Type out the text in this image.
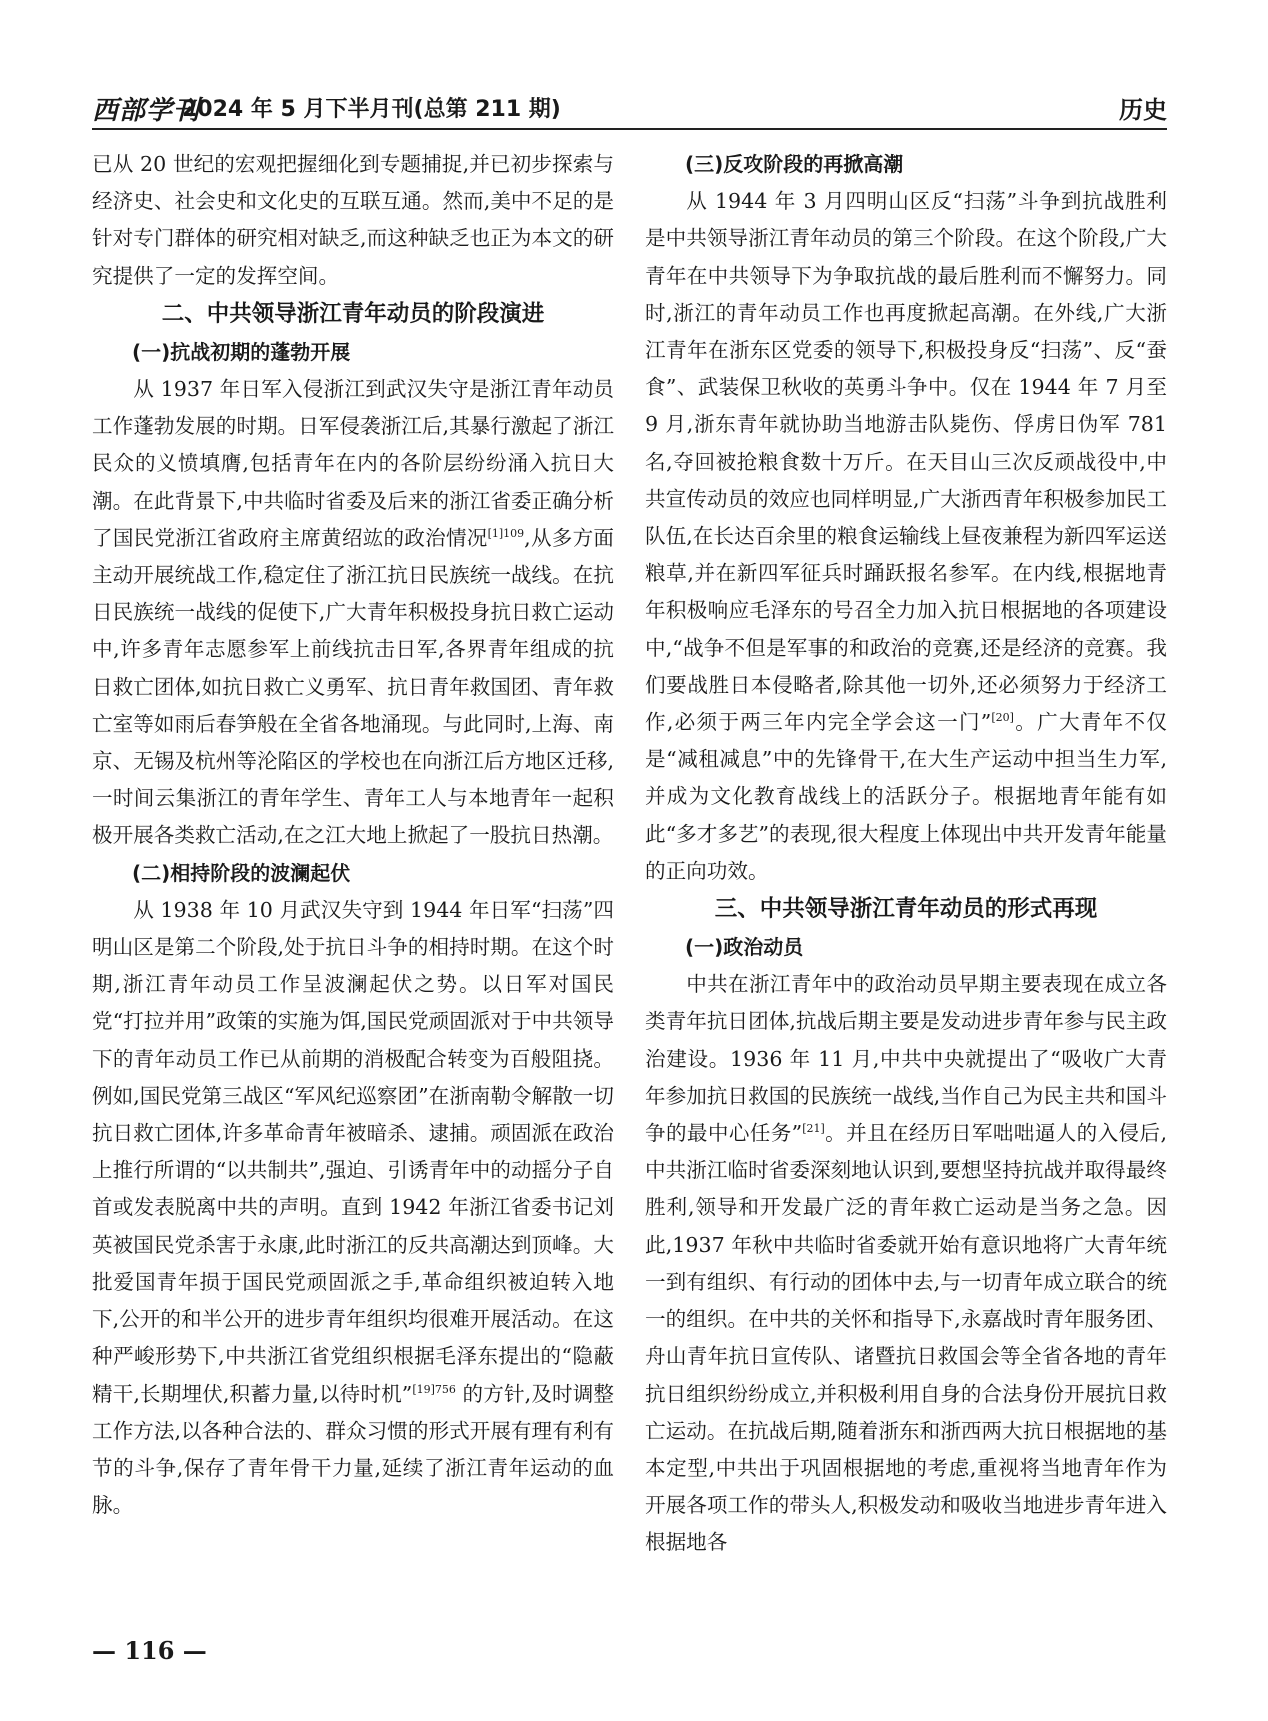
西部学刊
2024 年 5 月下半月刊(总第 211 期)	历史

已从 20 世纪的宏观把握细化到专题捕捉,并已初步探索与经济史、社会史和文化史的互联互通。然而,美中不足的是针对专门群体的研究相对缺乏,而这种缺乏也正为本文的研究提供了一定的发挥空间。

二、中共领导浙江青年动员的阶段演进
(一)抗战初期的蓬勃开展

从 1937 年日军入侵浙江到武汉失守是浙江青年动员工作蓬勃发展的时期。日军侵袭浙江后,其暴行激起了浙江民众的义愤填膺,包括青年在内的各阶层纷纷涌入抗日大潮。在此背景下,中共临时省委及后来的浙江省委正确分析了国民党浙江省政府主席黄绍竑的政治情况$^{[1]109}$,从多方面主动开展统战工作,稳定住了浙江抗日民族统一战线。在抗日民族统一战线的促使下,广大青年积极投身抗日救亡运动中,许多青年志愿参军上前线抗击日军,各界青年组成的抗日救亡团体,如抗日救亡义勇军、抗日青年救国团、青年救亡室等如雨后春笋般在全省各地涌现。与此同时,上海、南京、无锡及杭州等沦陷区的学校也在向浙江后方地区迁移,一时间云集浙江的青年学生、青年工人与本地青年一起积极开展各类救亡活动,在之江大地上掀起了一股抗日热潮。

(二)相持阶段的波澜起伏

从 1938 年 10 月武汉失守到 1944 年日军“扫荡”四明山区是第二个阶段,处于抗日斗争的相持时期。在这个时期,浙江青年动员工作呈波澜起伏之势。以日军对国民党“打拉并用”政策的实施为饵,国民党顽固派对于中共领导下的青年动员工作已从前期的消极配合转变为百般阻挠。例如,国民党第三战区“军风纪巡察团”在浙南勒令解散一切抗日救亡团体,许多革命青年被暗杀、逮捕。顽固派在政治上推行所谓的“以共制共”,强迫、引诱青年中的动摇分子自首或发表脱离中共的声明。直到 1942 年浙江省委书记刘英被国民党杀害于永康,此时浙江的反共高潮达到顶峰。大批爱国青年损于国民党顽固派之手,革命组织被迫转入地下,公开的和半公开的进步青年组织均很难开展活动。在这种严峻形势下,中共浙江省党组织根据毛泽东提出的“隐蔽精干,长期埋伏,积蓄力量,以待时机”$^{[19]756}$ 的方针,及时调整工作方法,以各种合法的、群众习惯的形式开展有理有利有节的斗争,保存了青年骨干力量,延续了浙江青年运动的血脉。

(三)反攻阶段的再掀高潮

从 1944 年 3 月四明山区反“扫荡”斗争到抗战胜利是中共领导浙江青年动员的第三个阶段。在这个阶段,广大青年在中共领导下为争取抗战的最后胜利而不懈努力。同时,浙江的青年动员工作也再度掀起高潮。在外线,广大浙江青年在浙东区党委的领导下,积极投身反“扫荡”、反“蚕食”、武装保卫秋收的英勇斗争中。仅在 1944 年 7 月至 9 月,浙东青年就协助当地游击队毙伤、俘虏日伪军 781 名,夺回被抢粮食数十万斤。在天目山三次反顽战役中,中共宣传动员的效应也同样明显,广大浙西青年积极参加民工队伍,在长达百余里的粮食运输线上昼夜兼程为新四军运送粮草,并在新四军征兵时踊跃报名参军。在内线,根据地青年积极响应毛泽东的号召全力加入抗日根据地的各项建设中,“战争不但是军事的和政治的竞赛,还是经济的竞赛。我们要战胜日本侵略者,除其他一切外,还必须努力于经济工作,必须于两三年内完全学会这一门”[20]。广大青年不仅是“减租减息”中的先锋骨干,在大生产运动中担当生力军,并成为文化教育战线上的活跃分子。根据地青年能有如此“多才多艺”的表现,很大程度上体现出中共开发青年能量的正向功效。

三、中共领导浙江青年动员的形式再现
(一)政治动员

中共在浙江青年中的政治动员早期主要表现在成立各类青年抗日团体,抗战后期主要是发动进步青年参与民主政治建设。1936 年 11 月,中共中央就提出了“吸收广大青年参加抗日救国的民族统一战线,当作自己为民主共和国斗争的最中心任务”[21]。并且在经历日军咄咄逼人的入侵后,中共浙江临时省委深刻地认识到,要想坚持抗战并取得最终胜利,领导和开发最广泛的青年救亡运动是当务之急。因此,1937 年秋中共临时省委就开始有意识地将广大青年统一到有组织、有行动的团体中去,与一切青年成立联合的统一的组织。在中共的关怀和指导下,永嘉战时青年服务团、舟山青年抗日宣传队、诸暨抗日救国会等全省各地的青年抗日组织纷纷成立,并积极利用自身的合法身份开展抗日救亡运动。在抗战后期,随着浙东和浙西两大抗日根据地的基本定型,中共出于巩固根据地的考虑,重视将当地青年作为开展各项工作的带头人,积极发动和吸收当地进步青年进入根据地各

— 116 —
